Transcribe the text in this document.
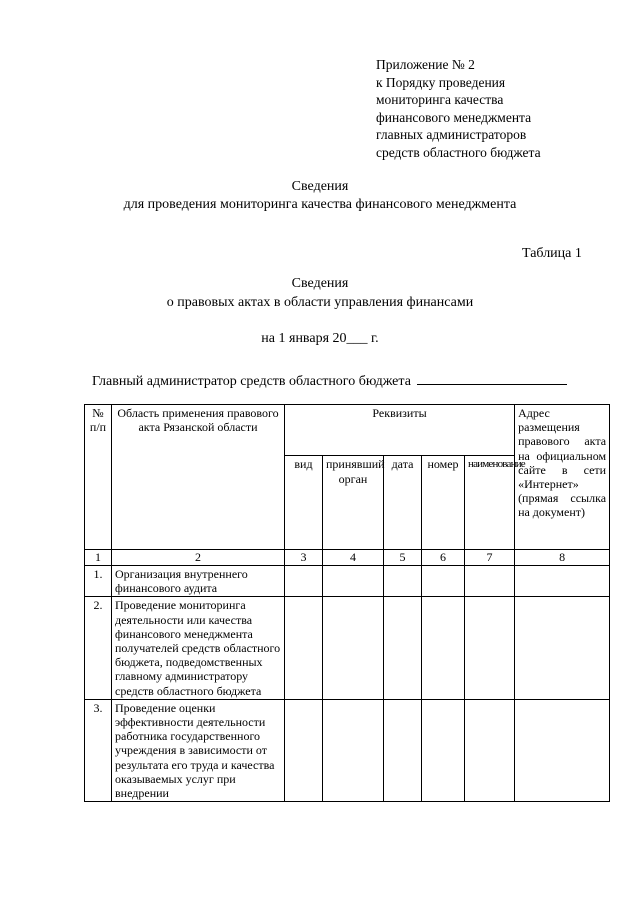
Приложение № 2
к Порядку проведения
мониторинга качества
финансового менеджмента
главных администраторов
средств областного бюджета
Сведения
для проведения мониторинга качества финансового менеджмента
Таблица 1
Сведения
о правовых актах в области управления финансами
на 1 января 20___ г.
Главный администратор средств областного бюджета
№ п/п	Область применения правового акта Рязанской области	Реквизиты					Адрес размещения правового акта на официальном сайте в сети «Интернет» (прямая ссылка на документ)
		вид	принявший орган	дата	номер	наименование	
1	2	3	4	5	6	7	8
1.	Организация внутреннего финансового аудита						
2.	Проведение мониторинга деятельности или качества финансового менеджмента получателей средств областного бюджета, подведомственных главному администратору средств областного бюджета						
3.	Проведение оценки эффективности деятельности работника государственного учреждения в зависимости от результата его труда и качества оказываемых услуг при внедрении						
